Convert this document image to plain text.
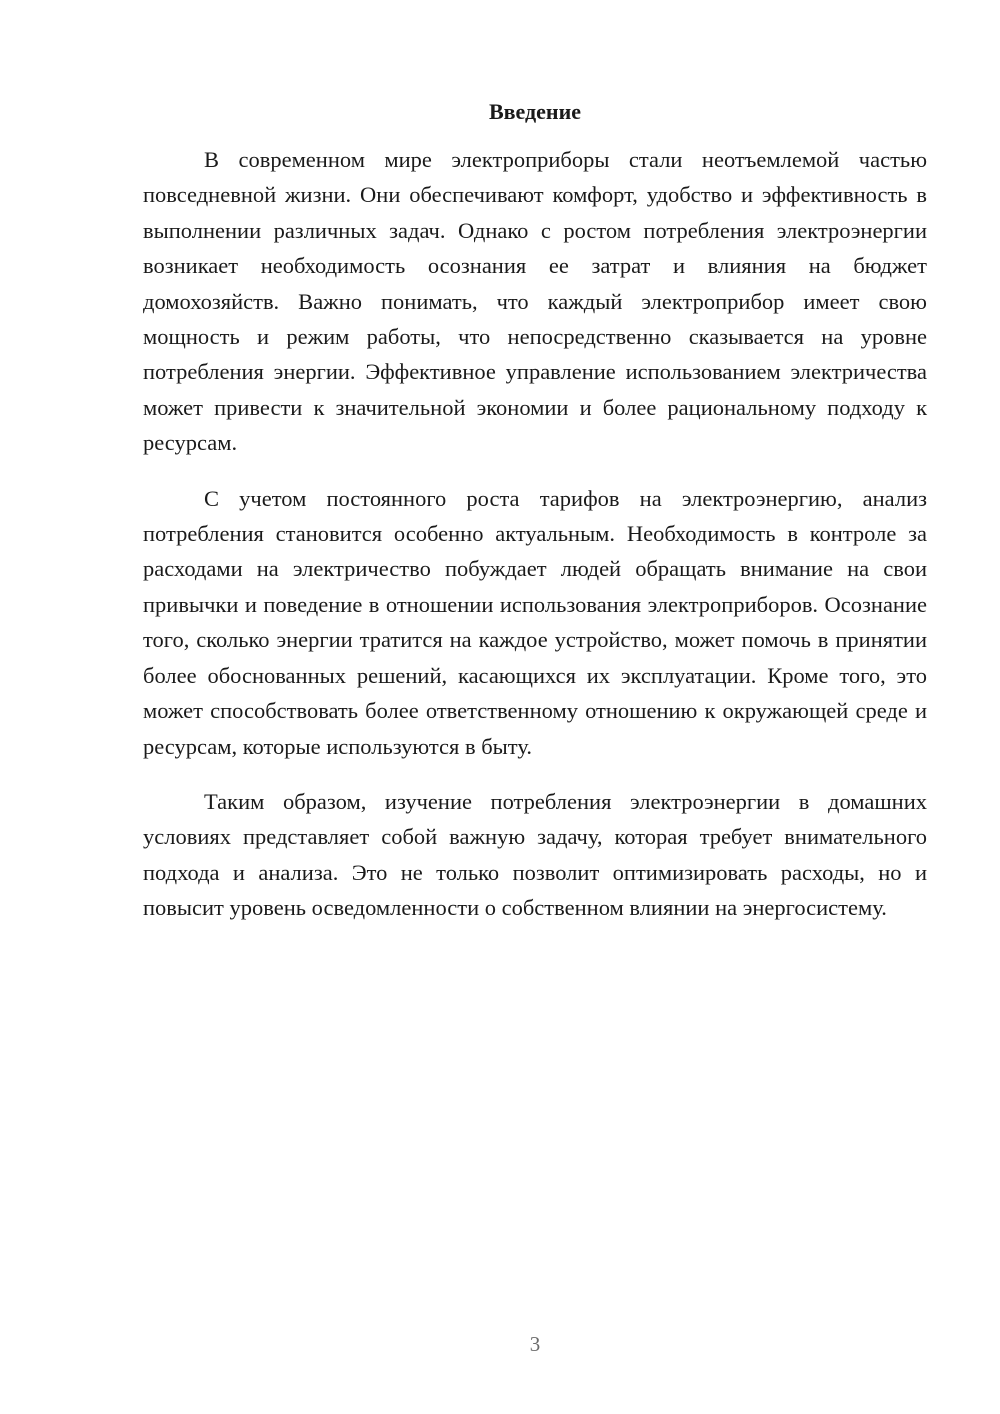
Введение

В современном мире электроприборы стали неотъемлемой частью повседневной жизни. Они обеспечивают комфорт, удобство и эффективность в выполнении различных задач. Однако с ростом потребления электроэнергии возникает необходимость осознания ее затрат и влияния на бюджет домохозяйств. Важно понимать, что каждый электроприбор имеет свою мощность и режим работы, что непосредственно сказывается на уровне потребления энергии. Эффективное управление использованием электричества может привести к значительной экономии и более рациональному подходу к ресурсам.

С учетом постоянного роста тарифов на электроэнергию, анализ потребления становится особенно актуальным. Необходимость в контроле за расходами на электричество побуждает людей обращать внимание на свои привычки и поведение в отношении использования электроприборов. Осознание того, сколько энергии тратится на каждое устройство, может помочь в принятии более обоснованных решений, касающихся их эксплуатации. Кроме того, это может способствовать более ответственному отношению к окружающей среде и ресурсам, которые используются в быту.

Таким образом, изучение потребления электроэнергии в домашних условиях представляет собой важную задачу, которая требует внимательного подхода и анализа. Это не только позволит оптимизировать расходы, но и повысит уровень осведомленности о собственном влиянии на энергосистему.

3
